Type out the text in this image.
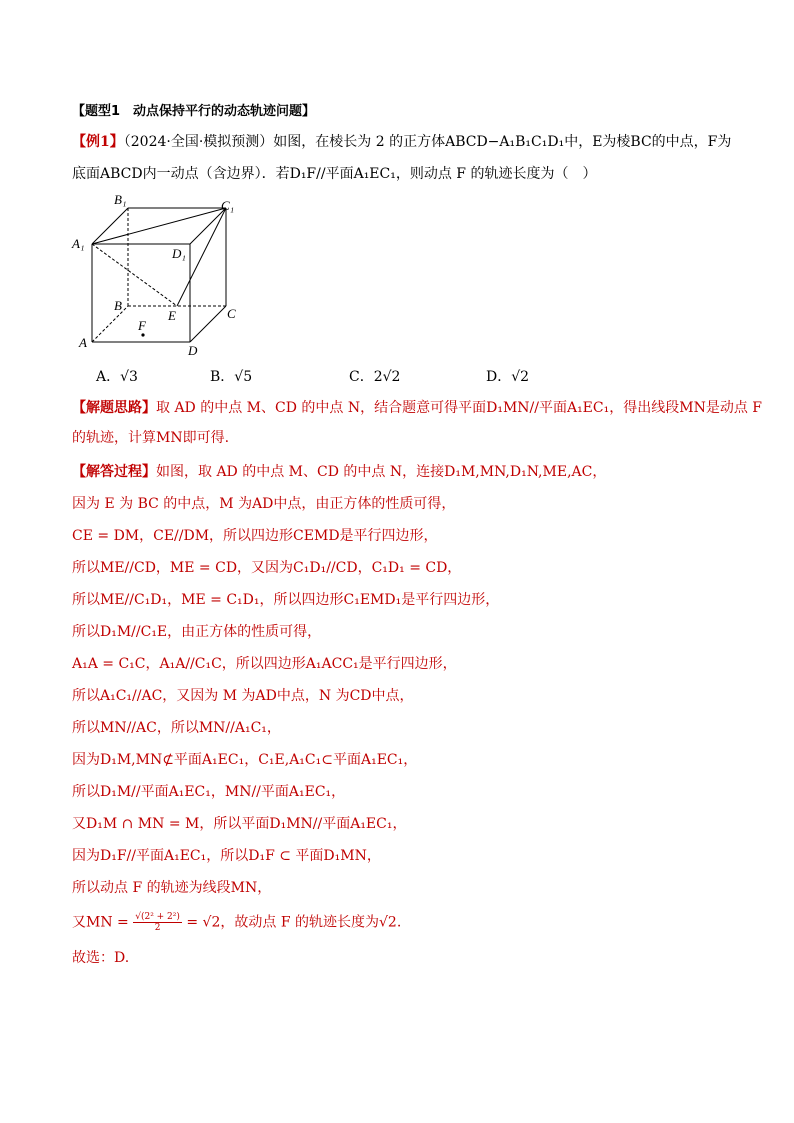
【题型1　动点保持平行的动态轨迹问题】
【例1】（2024·全国·模拟预测）如图，在棱长为 2 的正方体ABCD−A₁B₁C₁D₁中，E为棱BC的中点，F为
底面ABCD内一动点（含边界）．若D₁F//平面A₁EC₁，则动点 F 的轨迹长度为（　）
B₁	C₁
A₁
D₁
B
E	C
F
A
D
A．√3	B．√5	C．2√2	D．√2
【解题思路】取 AD 的中点 M、CD 的中点 N，结合题意可得平面D₁MN//平面A₁EC₁，得出线段MN是动点 F
的轨迹，计算MN即可得.
【解答过程】如图，取 AD 的中点 M、CD 的中点 N，连接D₁M,MN,D₁N,ME,AC，
因为 E 为 BC 的中点，M 为AD中点，由正方体的性质可得，
CE = DM，CE//DM，所以四边形CEMD是平行四边形，
所以ME//CD，ME = CD，又因为C₁D₁//CD，C₁D₁ = CD，
所以ME//C₁D₁，ME = C₁D₁，所以四边形C₁EMD₁是平行四边形，
所以D₁M//C₁E，由正方体的性质可得，
A₁A = C₁C，A₁A//C₁C，所以四边形A₁ACC₁是平行四边形，
所以A₁C₁//AC，又因为 M 为AD中点，N 为CD中点，
所以MN//AC，所以MN//A₁C₁，
因为D₁M,MN⊄平面A₁EC₁，C₁E,A₁C₁⊂平面A₁EC₁，
所以D₁M//平面A₁EC₁，MN//平面A₁EC₁，
又D₁M ∩ MN = M，所以平面D₁MN//平面A₁EC₁，
因为D₁F//平面A₁EC₁，所以D₁F ⊂ 平面D₁MN，
所以动点 F 的轨迹为线段MN，
又MN = $\frac{\text{√(2² + 2²)}}{2} = √2$，故动点 F 的轨迹长度为√2.
故选：D.
